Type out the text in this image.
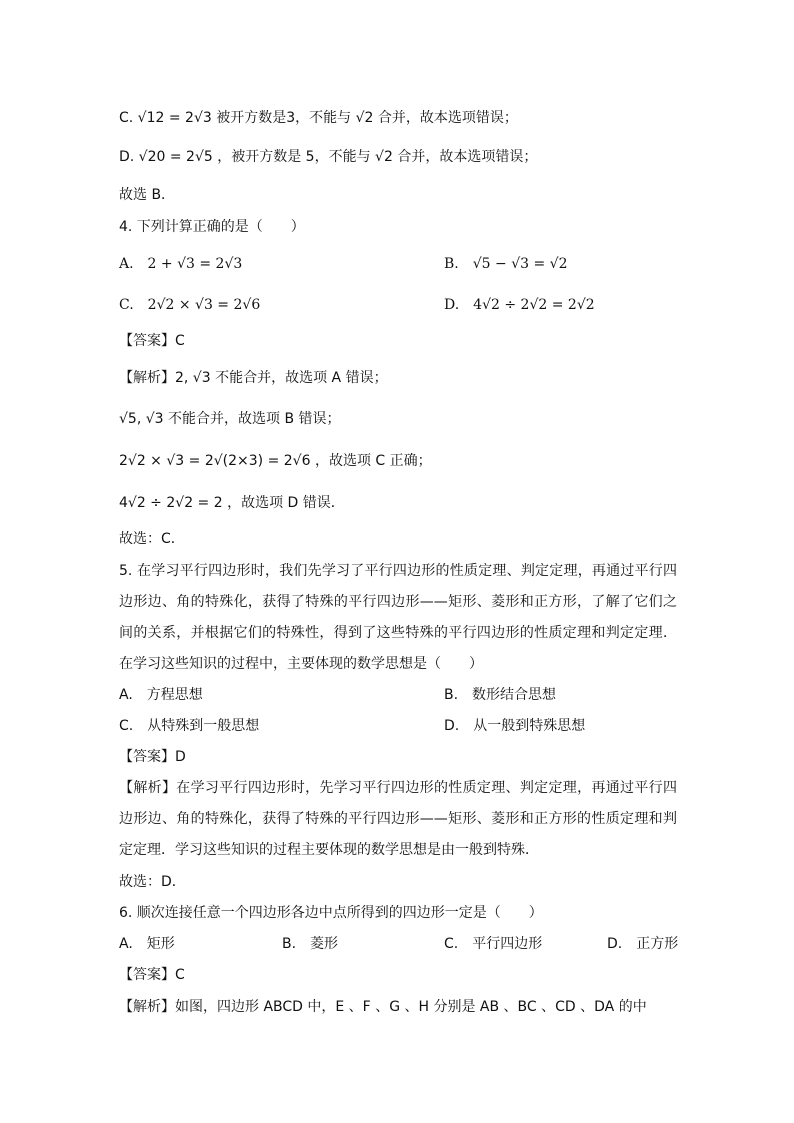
C. √12 = 2√3 被开方数是3，不能与 √2 合并，故本选项错误；
D. √20 = 2√5 ，被开方数是 5，不能与 √2 合并，故本选项错误；
故选 B．
4. 下列计算正确的是（　　）
A.　2 + √3 = 2√3	B.　√5 − √3 = √2
C.　2√2 × √3 = 2√6	D.　4√2 ÷ 2√2 = 2√2
【答案】C
【解析】2, √3 不能合并，故选项 A 错误；
√5, √3 不能合并，故选项 B 错误；
2√2 × √3 = 2√(2×3) = 2√6 ，故选项 C 正确；
4√2 ÷ 2√2 = 2 ，故选项 D 错误．
故选：C．
5. 在学习平行四边形时，我们先学习了平行四边形的性质定理、判定定理，再通过平行四边形边、角的特殊化，获得了特殊的平行四边形——矩形、菱形和正方形，了解了它们之间的关系，并根据它们的特殊性，得到了这些特殊的平行四边形的性质定理和判定定理．在学习这些知识的过程中，主要体现的数学思想是（　　）
A.　方程思想	B.　数形结合思想
C.　从特殊到一般思想	D.　从一般到特殊思想
【答案】D
【解析】在学习平行四边形时，先学习平行四边形的性质定理、判定定理，再通过平行四边形边、角的特殊化，获得了特殊的平行四边形——矩形、菱形和正方形的性质定理和判定定理．学习这些知识的过程主要体现的数学思想是由一般到特殊．
故选：D．
6. 顺次连接任意一个四边形各边中点所得到的四边形一定是（　　）
A.　矩形	B.　菱形	C.　平行四边形	D.　正方形
【答案】C
【解析】如图，四边形 ABCD 中，E 、F 、G 、H 分别是 AB 、BC 、CD 、DA 的中
